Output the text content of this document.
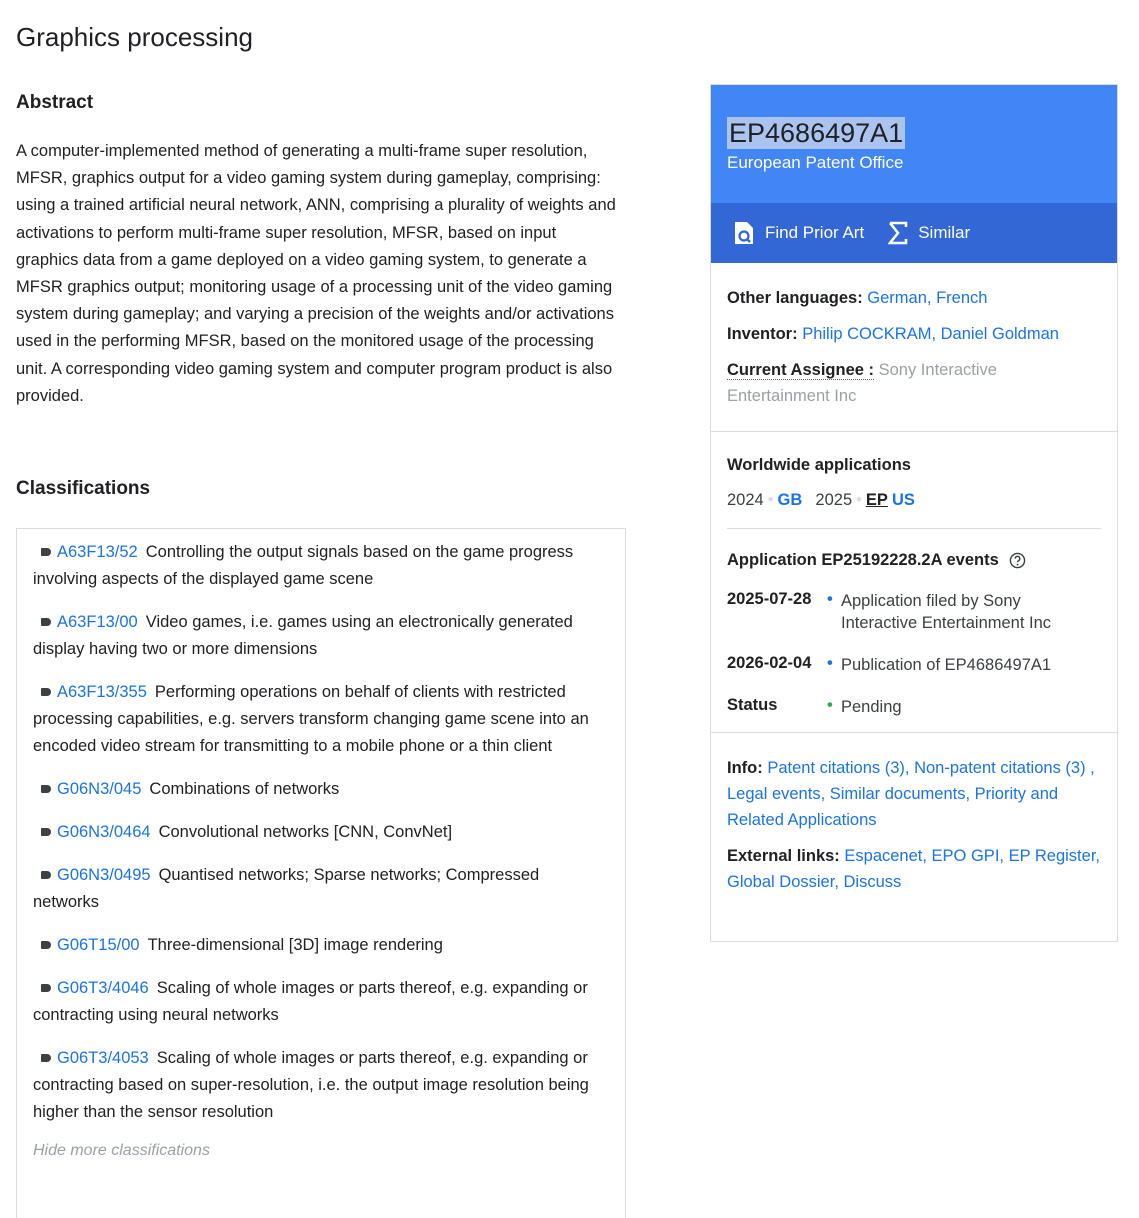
Graphics processing
Abstract

A computer-implemented method of generating a multi-frame super resolution, MFSR, graphics output for a video gaming system during gameplay, comprising: using a trained artificial neural network, ANN, comprising a plurality of weights and activations to perform multi-frame super resolution, MFSR, based on input graphics data from a game deployed on a video gaming system, to generate a MFSR graphics output; monitoring usage of a processing unit of the video gaming system during gameplay; and varying a precision of the weights and/or activations used in the performing MFSR, based on the monitored usage of the processing unit. A corresponding video gaming system and computer program product is also provided.

Classifications
A63F13/52 Controlling the output signals based on the game progress involving aspects of the displayed game scene
A63F13/00 Video games, i.e. games using an electronically generated display having two or more dimensions
A63F13/355 Performing operations on behalf of clients with restricted processing capabilities, e.g. servers transform changing game scene into an encoded video stream for transmitting to a mobile phone or a thin client
G06N3/045 Combinations of networks
G06N3/0464 Convolutional networks [CNN, ConvNet]
G06N3/0495 Quantised networks; Sparse networks; Compressed networks
G06T15/00 Three-dimensional [3D] image rendering
G06T3/4046 Scaling of whole images or parts thereof, e.g. expanding or contracting using neural networks
G06T3/4053 Scaling of whole images or parts thereof, e.g. expanding or contracting based on super-resolution, i.e. the output image resolution being higher than the sensor resolution
Hide more classifications
EP4686497A1
European Patent Office
Find Prior Art	Similar
Other languages: German, French
Inventor: Philip COCKRAM, Daniel Goldman
Current Assignee : Sony Interactive Entertainment Inc
Worldwide applications
2024 • GB 2025 • EP US
Application EP25192228.2A events
2025-07-28 • Application filed by Sony Interactive Entertainment Inc
2026-02-04 • Publication of EP4686497A1
Status	• Pending
Info: Patent citations (3), Non-patent citations (3) , Legal events, Similar documents, Priority and Related Applications
External links: Espacenet, EPO GPI, EP Register, Global Dossier, Discuss
